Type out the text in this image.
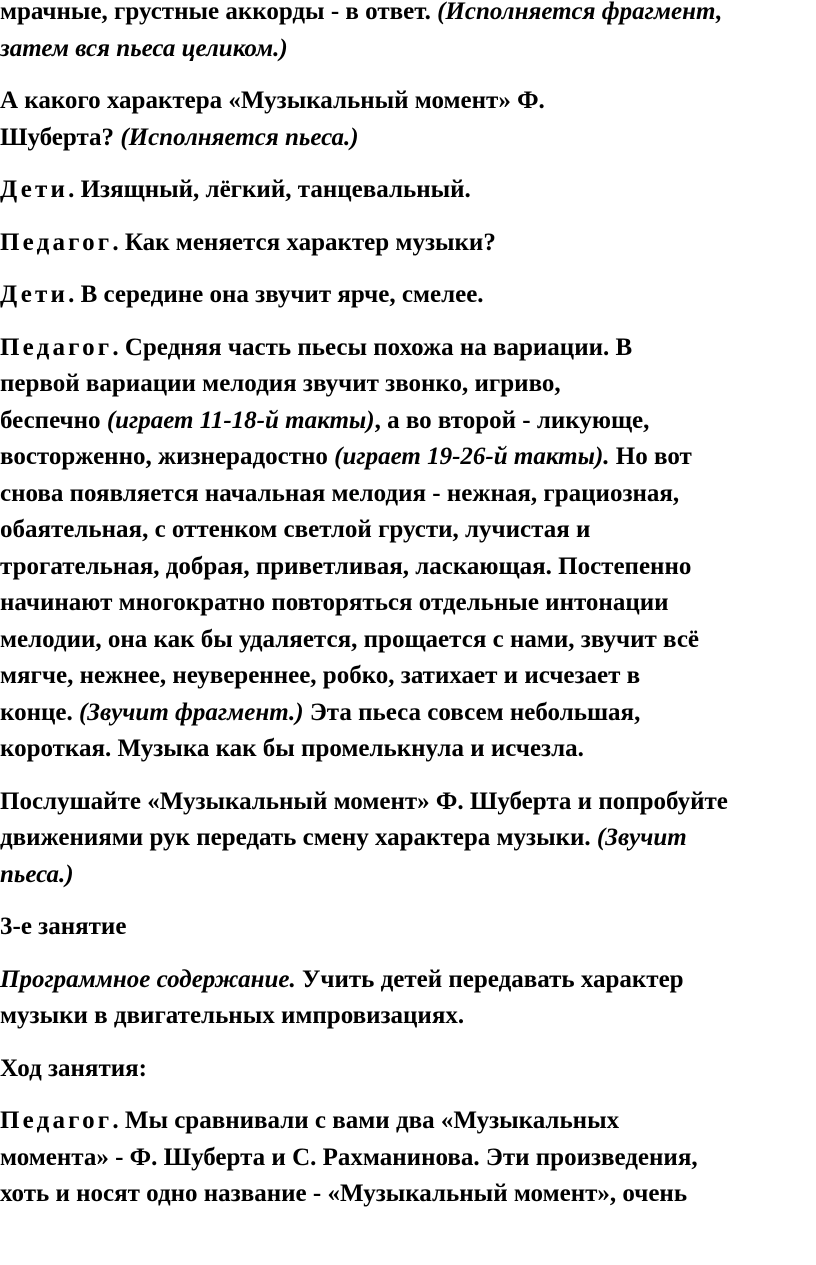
мрачные, грустные аккорды - в ответ. (Исполняется фрагмент,
затем вся пьеса целиком.)
А какого характера «Музыкальный момент» Ф.
Шуберта? (Исполняется пьеса.)
Дети. Изящный, лёгкий, танцевальный.
Педагог. Как меняется характер музыки?
Дети. В середине она звучит ярче, смелее.
Педагог. Средняя часть пьесы похожа на вариации. В
первой вариации мелодия звучит звонко, игриво,
беспечно (играет 11-18-й такты), а во второй - ликующе,
восторженно, жизнерадостно (играет 19-26-й такты). Но вот
снова появляется начальная мелодия - нежная, грациозная,
обаятельная, с оттенком светлой грусти, лучистая и
трогательная, добрая, приветливая, ласкающая. Постепенно
начинают многократно повторяться отдельные интонации
мелодии, она как бы удаляется, прощается с нами, звучит всё
мягче, нежнее, неувереннее, робко, затихает и исчезает в
конце. (Звучит фрагмент.) Эта пьеса совсем небольшая,
короткая. Музыка как бы промелькнула и исчезла.
Послушайте «Музыкальный момент» Ф. Шуберта и попробуйте
движениями рук передать смену характера музыки. (Звучит
пьеса.)
3-е занятие
Программное содержание. Учить детей передавать характер
музыки в двигательных импровизациях.
Ход занятия:
Педагог. Мы сравнивали с вами два «Музыкальных
момента» - Ф. Шуберта и С. Рахманинова. Эти произведения,
хоть и носят одно название - «Музыкальный момент», очень
